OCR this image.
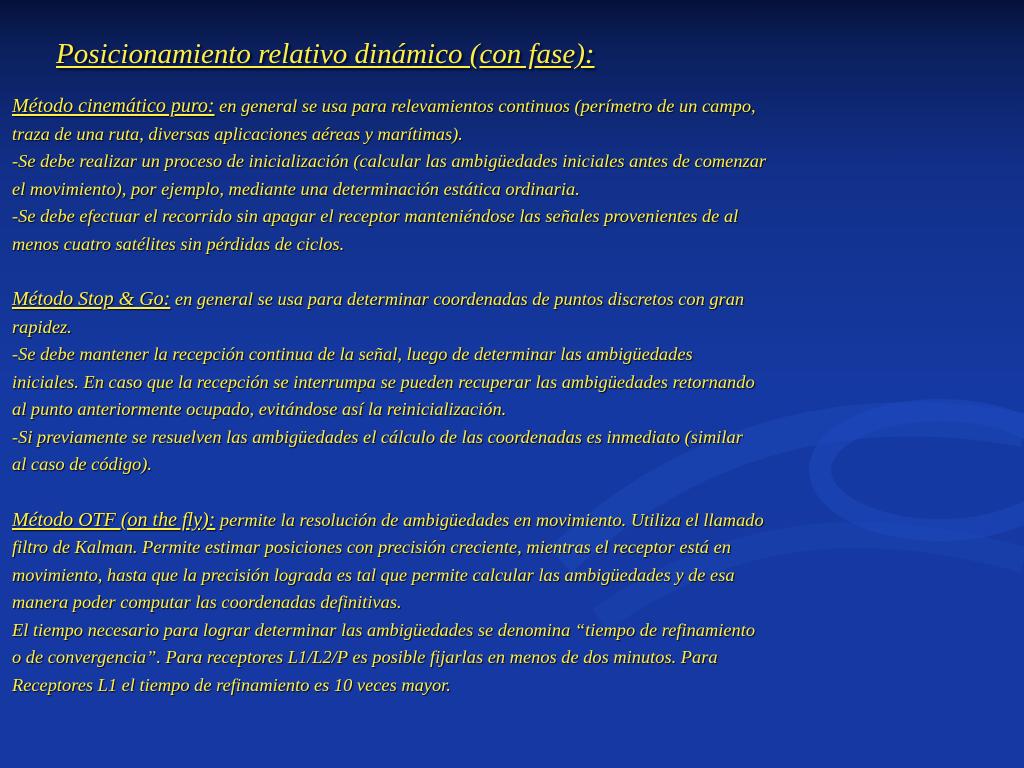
Posicionamiento relativo dinámico (con fase):
Método cinemático puro: en general se usa para relevamientos continuos (perímetro de un campo,
traza de una ruta, diversas aplicaciones aéreas y marítimas).
-Se debe realizar un proceso de inicialización (calcular las ambigüedades iniciales antes de comenzar
el movimiento), por ejemplo, mediante una determinación estática ordinaria.
-Se debe efectuar el recorrido sin apagar el receptor manteniéndose las señales provenientes de al
menos cuatro satélites sin pérdidas de ciclos.
Método Stop & Go: en general se usa para determinar coordenadas de puntos discretos con gran
rapidez.
-Se debe mantener la recepción continua de la señal, luego de determinar las ambigüedades
iniciales. En caso que la recepción se interrumpa se pueden recuperar las ambigüedades retornando
al punto anteriormente ocupado, evitándose así la reinicialización.
-Si previamente se resuelven las ambigüedades el cálculo de las coordenadas es inmediato (similar
al caso de código).
Método OTF (on the fly): permite la resolución de ambigüedades en movimiento. Utiliza el llamado
filtro de Kalman. Permite estimar posiciones con precisión creciente, mientras el receptor está en
movimiento, hasta que la precisión lograda es tal que permite calcular las ambigüedades y de esa
manera poder computar las coordenadas definitivas.
El tiempo necesario para lograr determinar las ambigüedades se denomina “tiempo de refinamiento
o de convergencia”. Para receptores L1/L2/P es posible fijarlas en menos de dos minutos. Para
Receptores L1 el tiempo de refinamiento es 10 veces mayor.
